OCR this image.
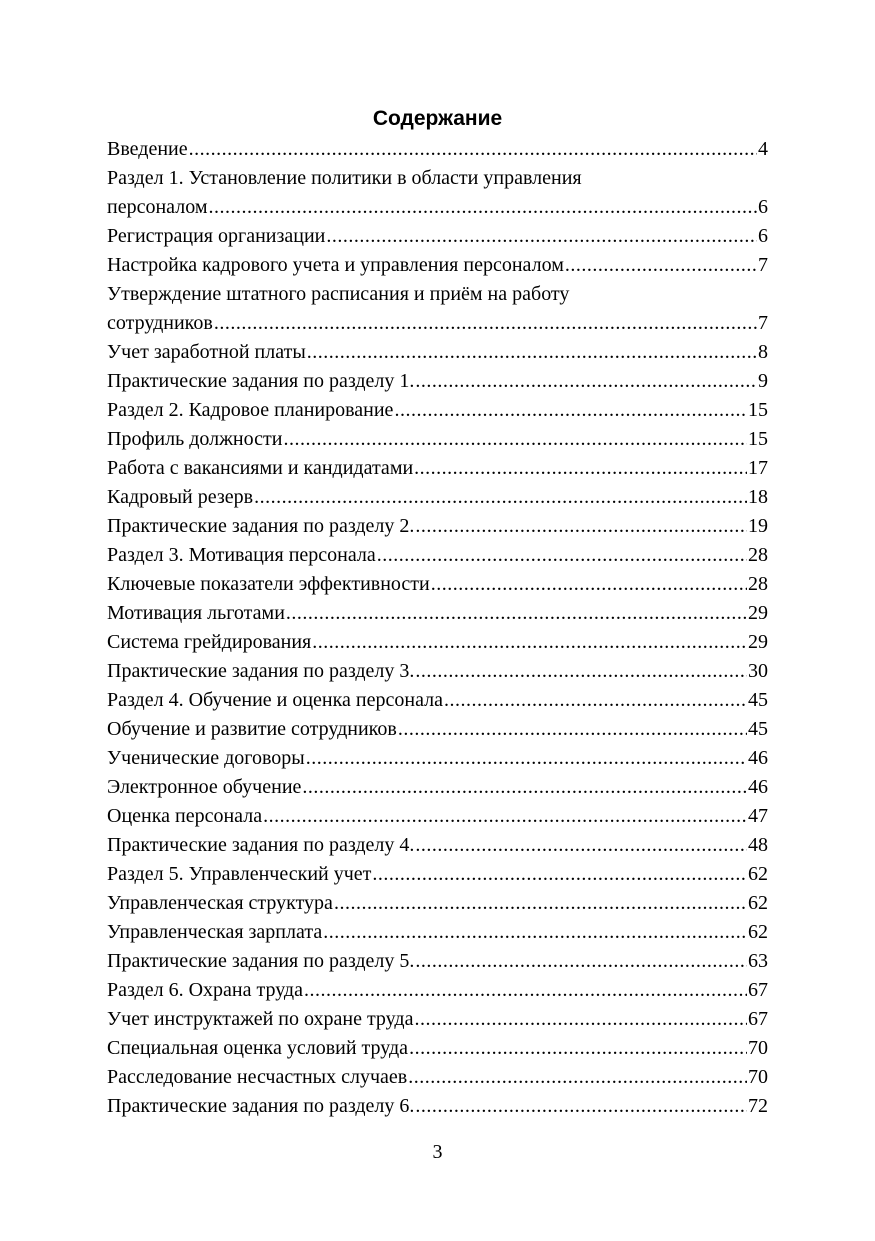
Содержание
Введение .....	4
Раздел 1. Установление политики в области управления
персоналом .....	6
Регистрация организации .....	6
Настройка кадрового учета и управления персоналом .....	7
Утверждение штатного расписания и приём на работу
сотрудников .....	7
Учет заработной платы .....	8
Практические задания по разделу 1. .....	9
Раздел 2. Кадровое планирование .....	15
Профиль должности .....	15
Работа с вакансиями и кандидатами .....	17
Кадровый резерв .....	18
Практические задания по разделу 2. .....	19
Раздел 3. Мотивация персонала .....	28
Ключевые показатели эффективности .....	28
Мотивация льготами .....	29
Система грейдирования .....	29
Практические задания по разделу 3. .....	30
Раздел 4. Обучение и оценка персонала .....	45
Обучение и развитие сотрудников .....	45
Ученические договоры .....	46
Электронное обучение .....	46
Оценка персонала .....	47
Практические задания по разделу 4. .....	48
Раздел 5. Управленческий учет .....	62
Управленческая структура .....	62
Управленческая зарплата .....	62
Практические задания по разделу 5. .....	63
Раздел 6. Охрана труда .....	67
Учет инструктажей по охране труда .....	67
Специальная оценка условий труда .....	70
Расследование несчастных случаев .....	70
Практические задания по разделу 6. .....	72
3
